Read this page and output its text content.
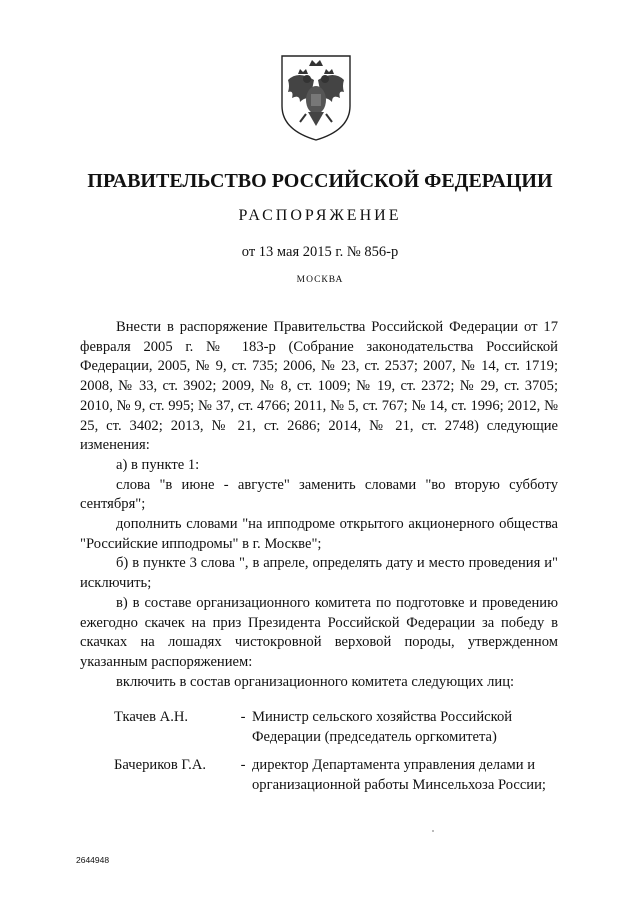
ПРАВИТЕЛЬСТВО РОССИЙСКОЙ ФЕДЕРАЦИИ
РАСПОРЯЖЕНИЕ
от 13 мая 2015 г. № 856-р
МОСКВА

Внести в распоряжение Правительства Российской Федерации от 17 февраля 2005 г. № 183-р (Собрание законодательства Российской Федерации, 2005, № 9, ст. 735; 2006, № 23, ст. 2537; 2007, № 14, ст. 1719; 2008, № 33, ст. 3902; 2009, № 8, ст. 1009; № 19, ст. 2372; № 29, ст. 3705; 2010, № 9, ст. 995; № 37, ст. 4766; 2011, № 5, ст. 767; № 14, ст. 1996; 2012, № 25, ст. 3402; 2013, № 21, ст. 2686; 2014, № 21, ст. 2748) следующие изменения:

а) в пункте 1:

слова "в июне - августе" заменить словами "во вторую субботу сентября";

дополнить словами "на ипподроме открытого акционерного общества "Российские ипподромы" в г. Москве";

б) в пункте 3 слова ", в апреле, определять дату и место проведения и" исключить;

в) в составе организационного комитета по подготовке и проведению ежегодно скачек на приз Президента Российской Федерации за победу в скачках на лошадях чистокровной верховой породы, утвержденном указанным распоряжением:

включить в состав организационного комитета следующих лиц:

Ткачев А.Н.	- Министр сельского хозяйства Российской Федерации (председатель оргкомитета)
Бачериков Г.А.	- директор Департамента управления делами и организационной работы Минсельхоза России;
2644948
